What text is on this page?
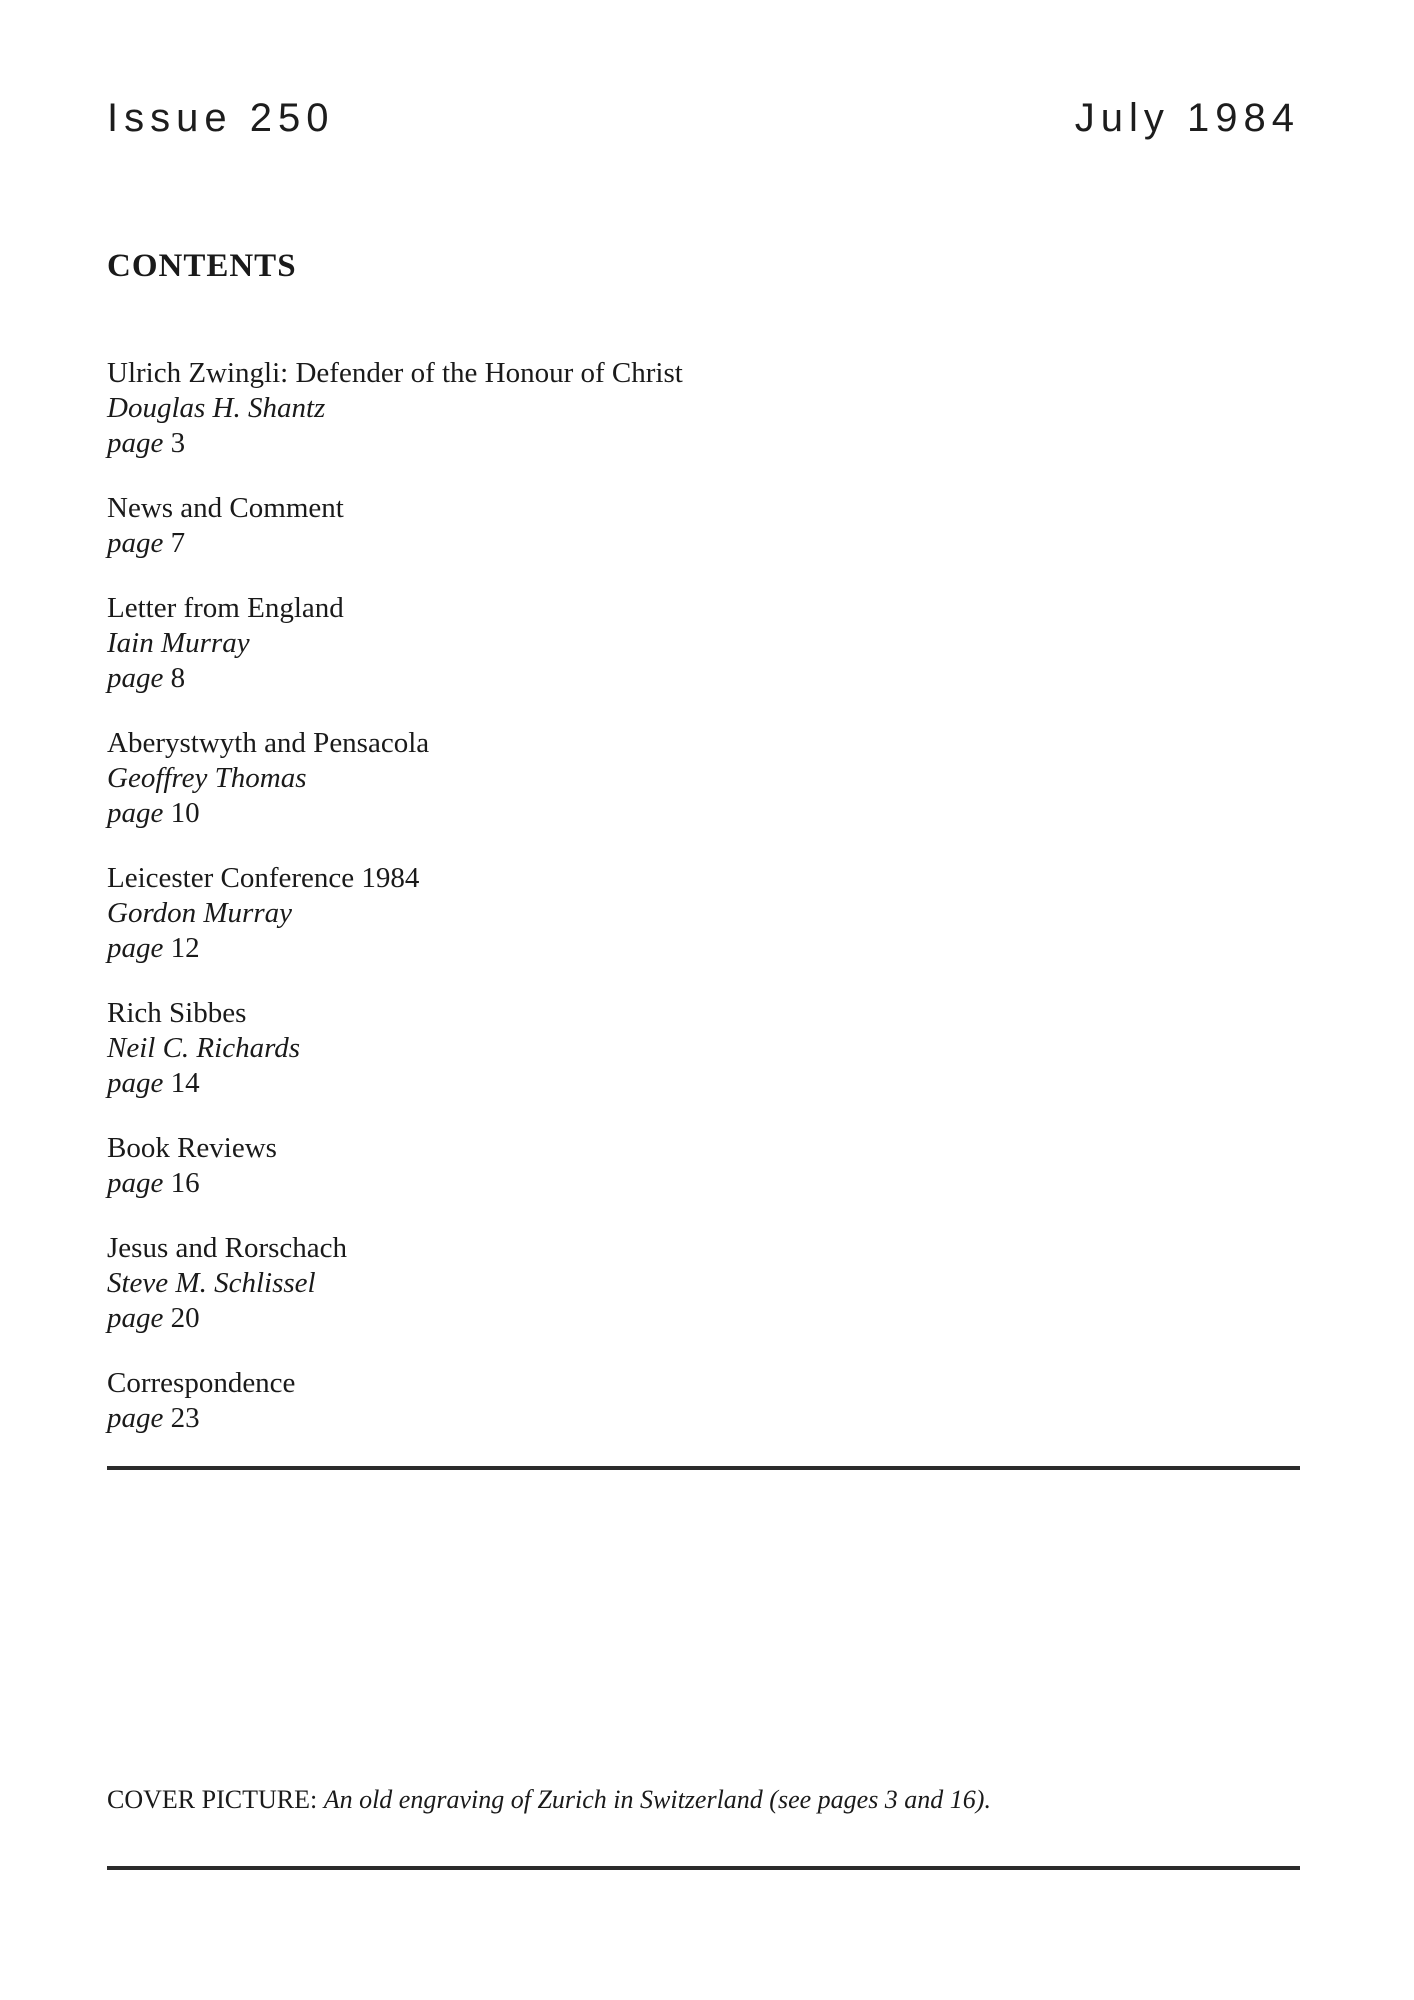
Issue 250	July 1984
CONTENTS
Ulrich Zwingli: Defender of the Honour of Christ
Douglas H. Shantz
page 3
News and Comment
page 7
Letter from England
Iain Murray
page 8
Aberystwyth and Pensacola
Geoffrey Thomas
page 10
Leicester Conference 1984
Gordon Murray
page 12
Rich Sibbes
Neil C. Richards
page 14
Book Reviews
page 16
Jesus and Rorschach
Steve M. Schlissel
page 20
Correspondence
page 23
COVER PICTURE: An old engraving of Zurich in Switzerland (see pages 3 and 16).
